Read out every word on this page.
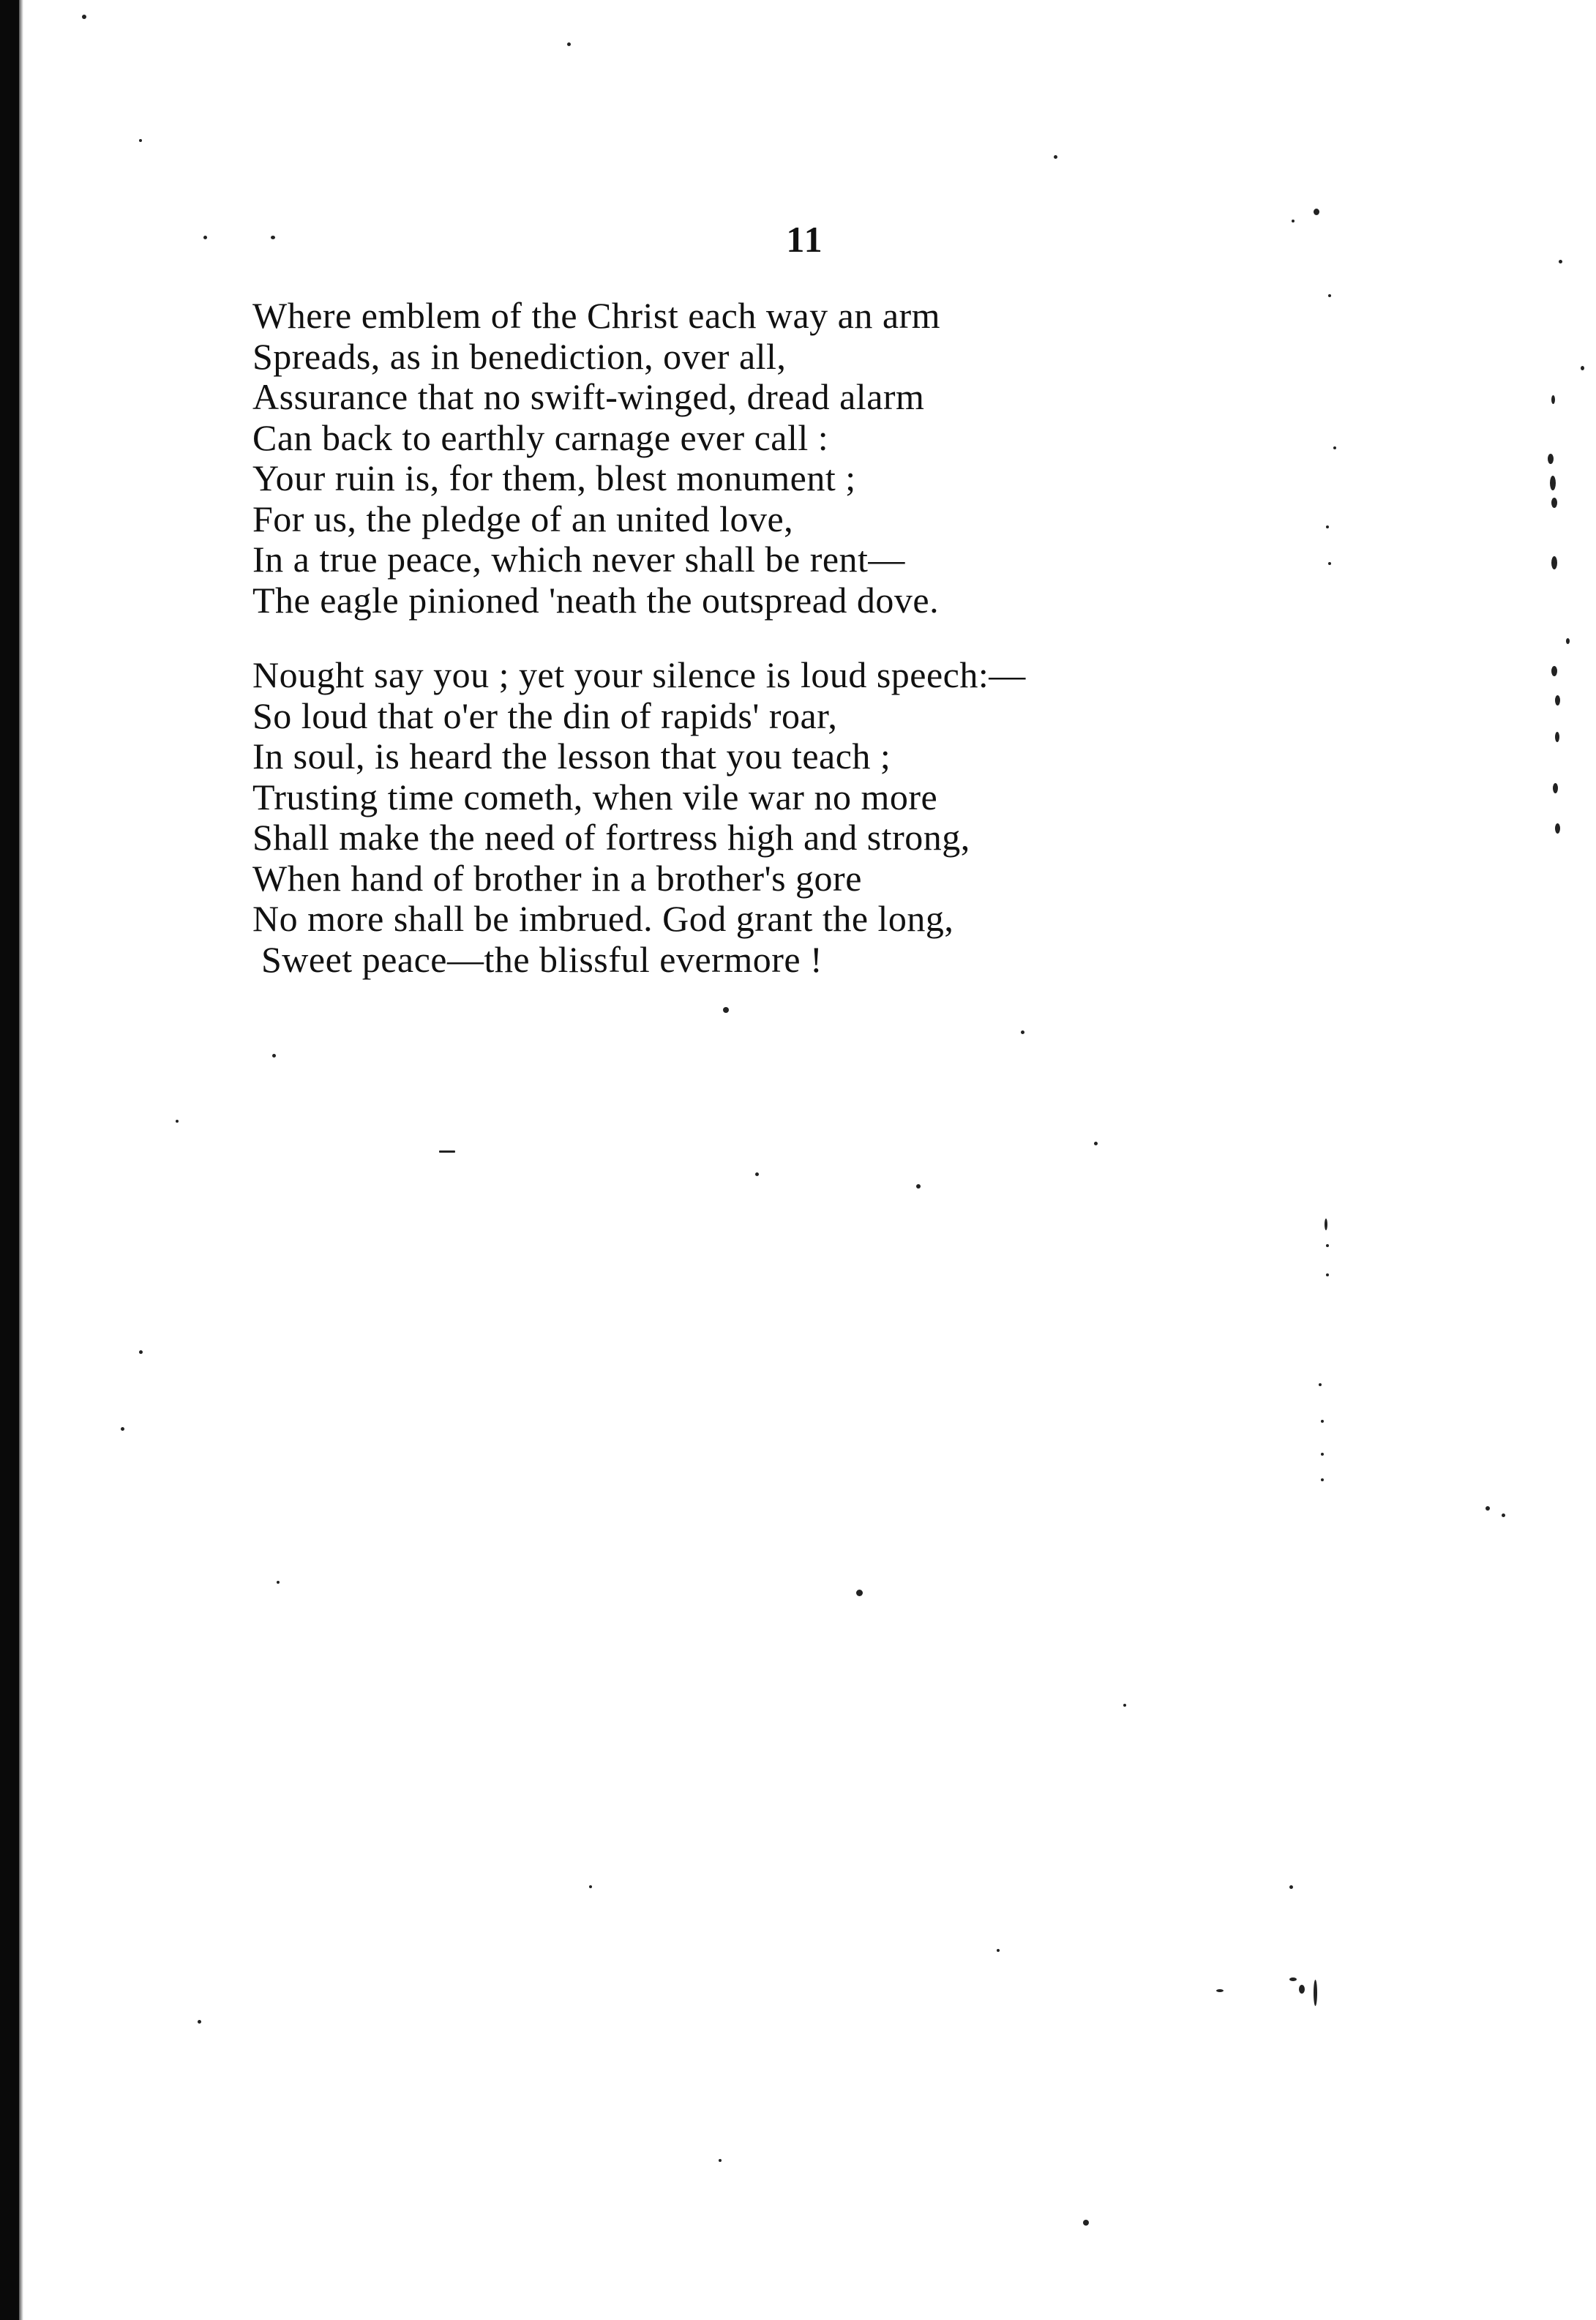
11
Where emblem of the Christ each way an arm
Spreads, as in benediction, over all,
Assurance that no swift-winged, dread alarm
Can back to earthly carnage ever call :
Your ruin is, for them, blest monument ;
For us, the pledge of an united love,
In a true peace, which never shall be rent—
The eagle pinioned 'neath the outspread dove.
Nought say you ; yet your silence is loud speech:—
So loud that o'er the din of rapids' roar,
In soul, is heard the lesson that you teach ;
Trusting time cometh, when vile war no more
Shall make the need of fortress high and strong,
When hand of brother in a brother's gore
No more shall be imbrued. God grant the long,
Sweet peace—the blissful evermore !
